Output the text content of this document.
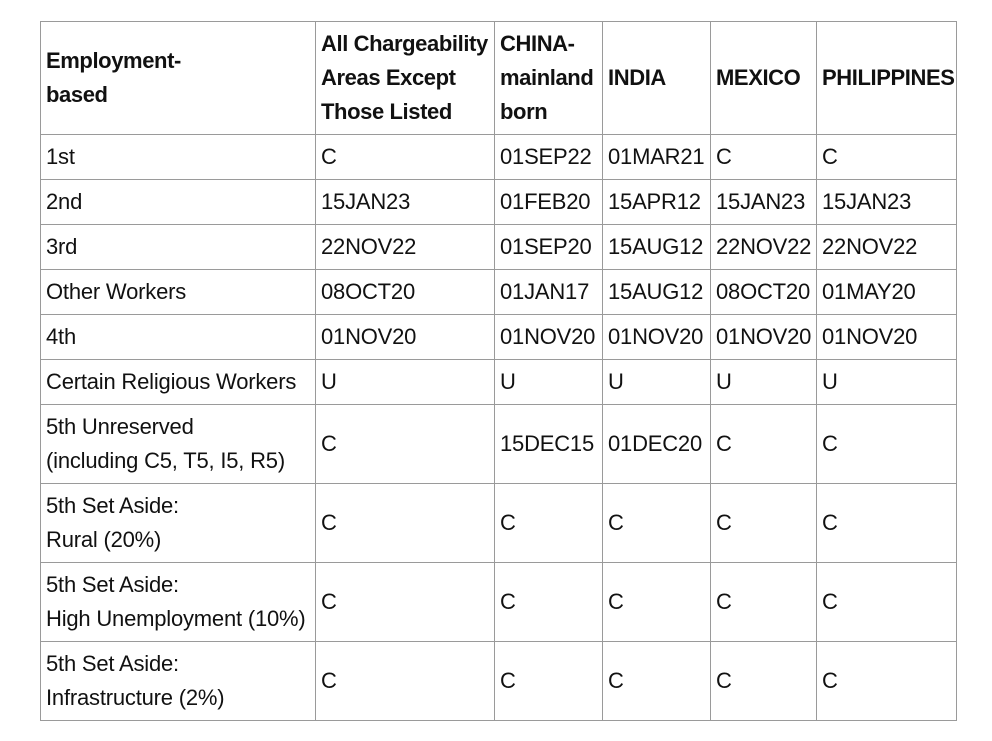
Employment-
based	All Chargeability
Areas Except
Those Listed	CHINA-
mainland
born	INDIA	MEXICO	PHILIPPINES

1st	C	01SEP22	01MAR21	C	C

2nd	15JAN23	01FEB20	15APR12	15JAN23	15JAN23

3rd	22NOV22	01SEP20	15AUG12	22NOV22	22NOV22

Other Workers	08OCT20	01JAN17	15AUG12	08OCT20	01MAY20

4th	01NOV20	01NOV20	01NOV20	01NOV20	01NOV20

Certain Religious Workers	U	U	U	U	U

5th Unreserved
(including C5, T5, I5, R5)	C	15DEC15	01DEC20	C	C

5th Set Aside:
Rural (20%)	C	C	C	C	C

5th Set Aside:
High Unemployment (10%)	C	C	C	C	C

5th Set Aside:
Infrastructure (2%)	C	C	C	C	C
